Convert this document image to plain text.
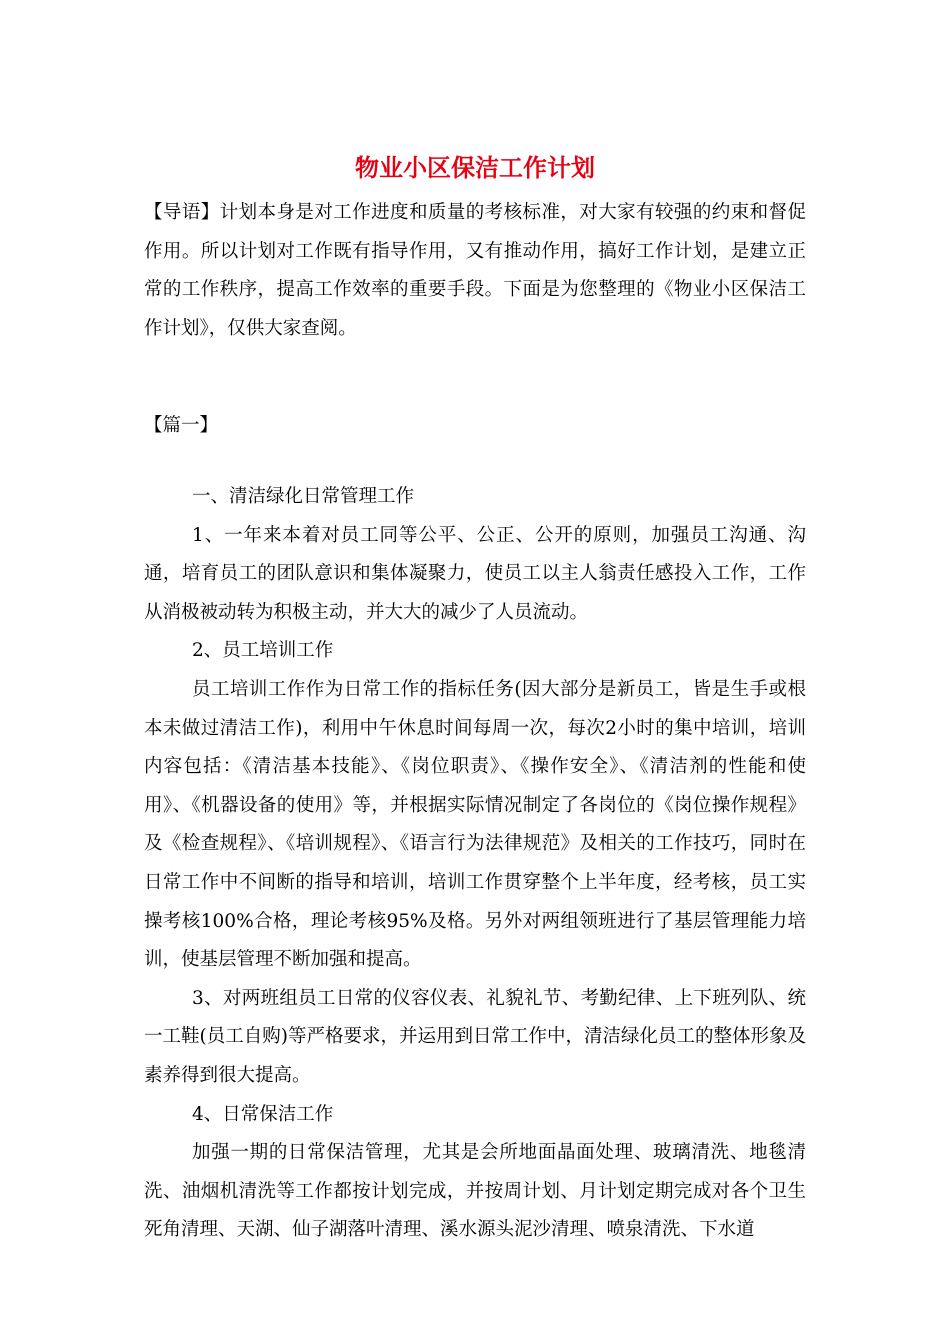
物业小区保洁工作计划
【导语】计划本身是对工作进度和质量的考核标准，对大家有较强的约束和督促作用。所以计划对工作既有指导作用，又有推动作用，搞好工作计划，是建立正常的工作秩序，提高工作效率的重要手段。下面是为您整理的《物业小区保洁工作计划》，仅供大家查阅。
【篇一】

一、清洁绿化日常管理工作

1、一年来本着对员工同等公平、公正、公开的原则，加强员工沟通、沟通，培育员工的团队意识和集体凝聚力，使员工以主人翁责任感投入工作，工作从消极被动转为积极主动，并大大的减少了人员流动。

2、员工培训工作

员工培训工作作为日常工作的指标任务(因大部分是新员工，皆是生手或根本未做过清洁工作)，利用中午休息时间每周一次，每次2小时的集中培训，培训内容包括：《清洁基本技能》、《岗位职责》、《操作安全》、《清洁剂的性能和使用》、《机器设备的使用》等，并根据实际情况制定了各岗位的《岗位操作规程》及《检查规程》、《培训规程》、《语言行为法律规范》及相关的工作技巧，同时在日常工作中不间断的指导和培训，培训工作贯穿整个上半年度，经考核，员工实操考核100%合格，理论考核95%及格。另外对两组领班进行了基层管理能力培训，使基层管理不断加强和提高。

3、对两班组员工日常的仪容仪表、礼貌礼节、考勤纪律、上下班列队、统一工鞋(员工自购)等严格要求，并运用到日常工作中，清洁绿化员工的整体形象及素养得到很大提高。

4、日常保洁工作

加强一期的日常保洁管理，尤其是会所地面晶面处理、玻璃清洗、地毯清洗、油烟机清洗等工作都按计划完成，并按周计划、月计划定期完成对各个卫生死角清理、天湖、仙子湖落叶清理、溪水源头泥沙清理、喷泉清洗、下水道
